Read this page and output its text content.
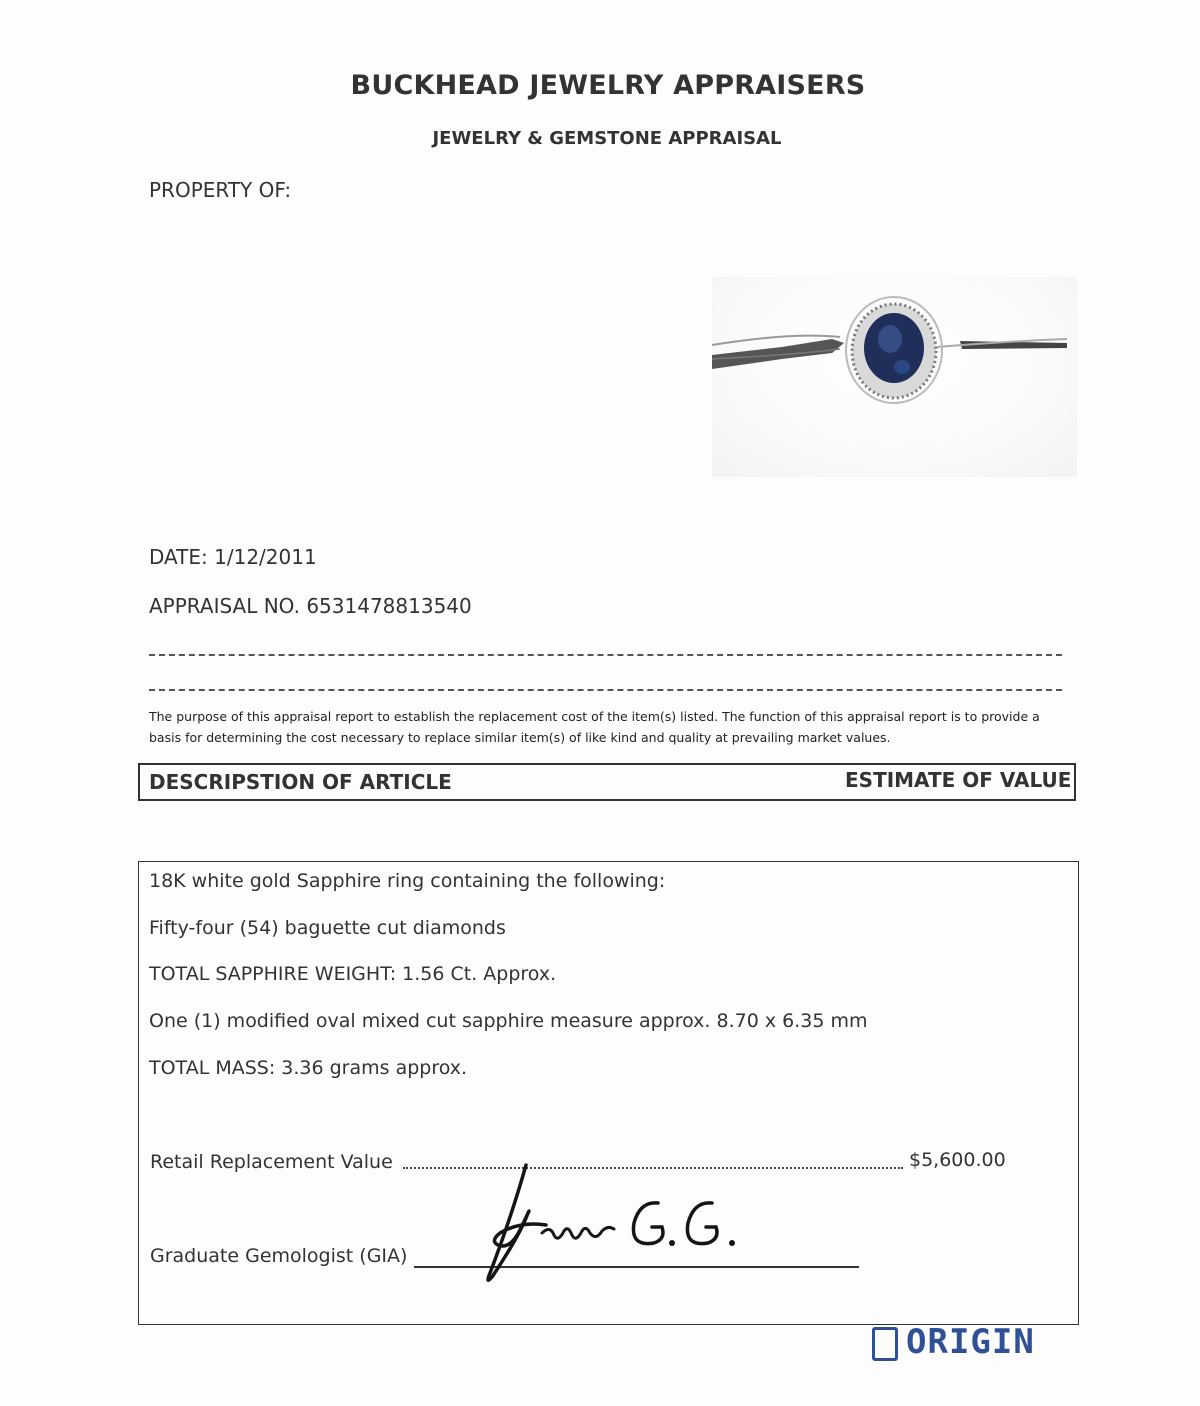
BUCKHEAD JEWELRY APPRAISERS
JEWELRY & GEMSTONE APPRAISAL
PROPERTY OF:
DATE: 1/12/2011
APPRAISAL NO. 6531478813540
The purpose of this appraisal report to establish the replacement cost of the item(s) listed. The function of this appraisal report is to provide a basis for determining the cost necessary to replace similar item(s) of like kind and quality at prevailing market values.
DESCRIPSTION OF ARTICLE	ESTIMATE OF VALUE
18K white gold Sapphire ring containing the following:
Fifty-four (54) baguette cut diamonds
TOTAL SAPPHIRE WEIGHT: 1.56 Ct. Approx.
One (1) modified oval mixed cut sapphire measure approx. 8.70 x 6.35 mm
TOTAL MASS: 3.36 grams approx.
Retail Replacement Value	$5,600.00
Graduate Gemologist (GIA)
ORIGIN
